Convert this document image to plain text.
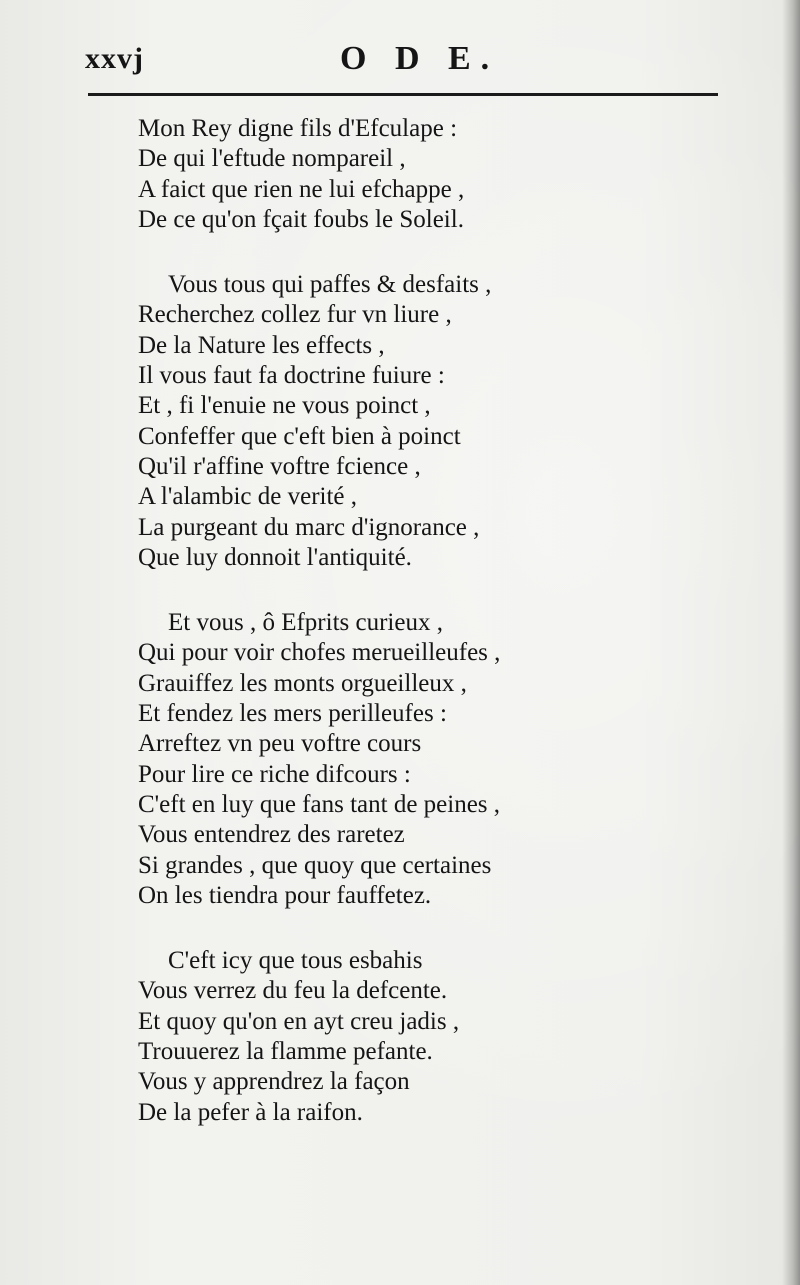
xxvj	O D E.
Mon Rey digne fils d'Efculape :
De qui l'eftude nompareil ,
A faict que rien ne lui efchappe ,
De ce qu'on fçait foubs le Soleil.
Vous tous qui paffes & desfaits ,
Recherchez collez fur vn liure ,
De la Nature les effects ,
Il vous faut fa doctrine fuiure :
Et , fi l'enuie ne vous poinct ,
Confeffer que c'eft bien à poinct
Qu'il r'affine voftre fcience ,
A l'alambic de verité ,
La purgeant du marc d'ignorance ,
Que luy donnoit l'antiquité.
Et vous , ô Efprits curieux ,
Qui pour voir chofes merueilleufes ,
Grauiffez les monts orgueilleux ,
Et fendez les mers perilleufes :
Arreftez vn peu voftre cours
Pour lire ce riche difcours :
C'eft en luy que fans tant de peines ,
Vous entendrez des raretez
Si grandes , que quoy que certaines
On les tiendra pour fauffetez.
C'eft icy que tous esbahis
Vous verrez du feu la defcente.
Et quoy qu'on en ayt creu jadis ,
Trouuerez la flamme pefante.
Vous y apprendrez la façon
De la pefer à la raifon.
